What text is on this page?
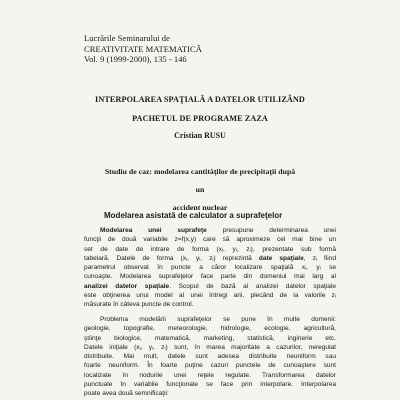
Lucrările Seminarului de
CREATIVITATE MATEMATICĂ
Vol. 9 (1999-2000), 135 - 146
INTERPOLAREA SPAŢIALĂ A DATELOR UTILIZÂND
PACHETUL DE PROGRAME ZAZA
Cristian RUSU
Studiu de caz: modelarea cantităţilor de precipitaţii după un
accident nuclear
Modelarea asistată de calculator a suprafeţelor
Modelarea unei suprafeţe presupune determinarea unei
funcţii de două variabile z=f(x,y) care să aproximeze cel mai bine un
set de date de intrare de forma (xᵢ, yᵢ, zᵢ), prezentate sub formă
tabelară. Datele de forma (xᵢ, yᵢ, zᵢ) reprezintă date spaţiale, zᵢ fiind
parametrul observat în puncte a căror localizare spaţială xᵢ, yᵢ se
cunoaşte. Modelarea suprafeţelor face parte din domeniul mai larg al
analizei datelor spaţiale. Scopul de bază al analizei datelor spaţiale
este obţinerea unui model al unei întregi arii, plecând de la valorile zᵢ
măsurate în câteva puncte de control.
Problema modelării suprafeţelor se pune în multe domenii:
geologie, topografie, meteorologie, hidrologie, ecologie, agricultură,
ştiinţe biologice, matematică, marketing, statistică, inginerie etc.
Datele iniţiale (xᵢ, yᵢ, zᵢ) sunt, în marea majoritate a cazurilor, neregulat
distribuite. Mai mult, datele sunt adesea distribuite neuniform sau
foarte neuniform. În foarte puţine cazuri punctele de cunoaştere sunt
localizate în nodurile unei reţele regulate. Transformarea datelor
punctuale în variabile funcţionale se face prin interpolare. Interpolarea
poate avea două semnificaţii:
